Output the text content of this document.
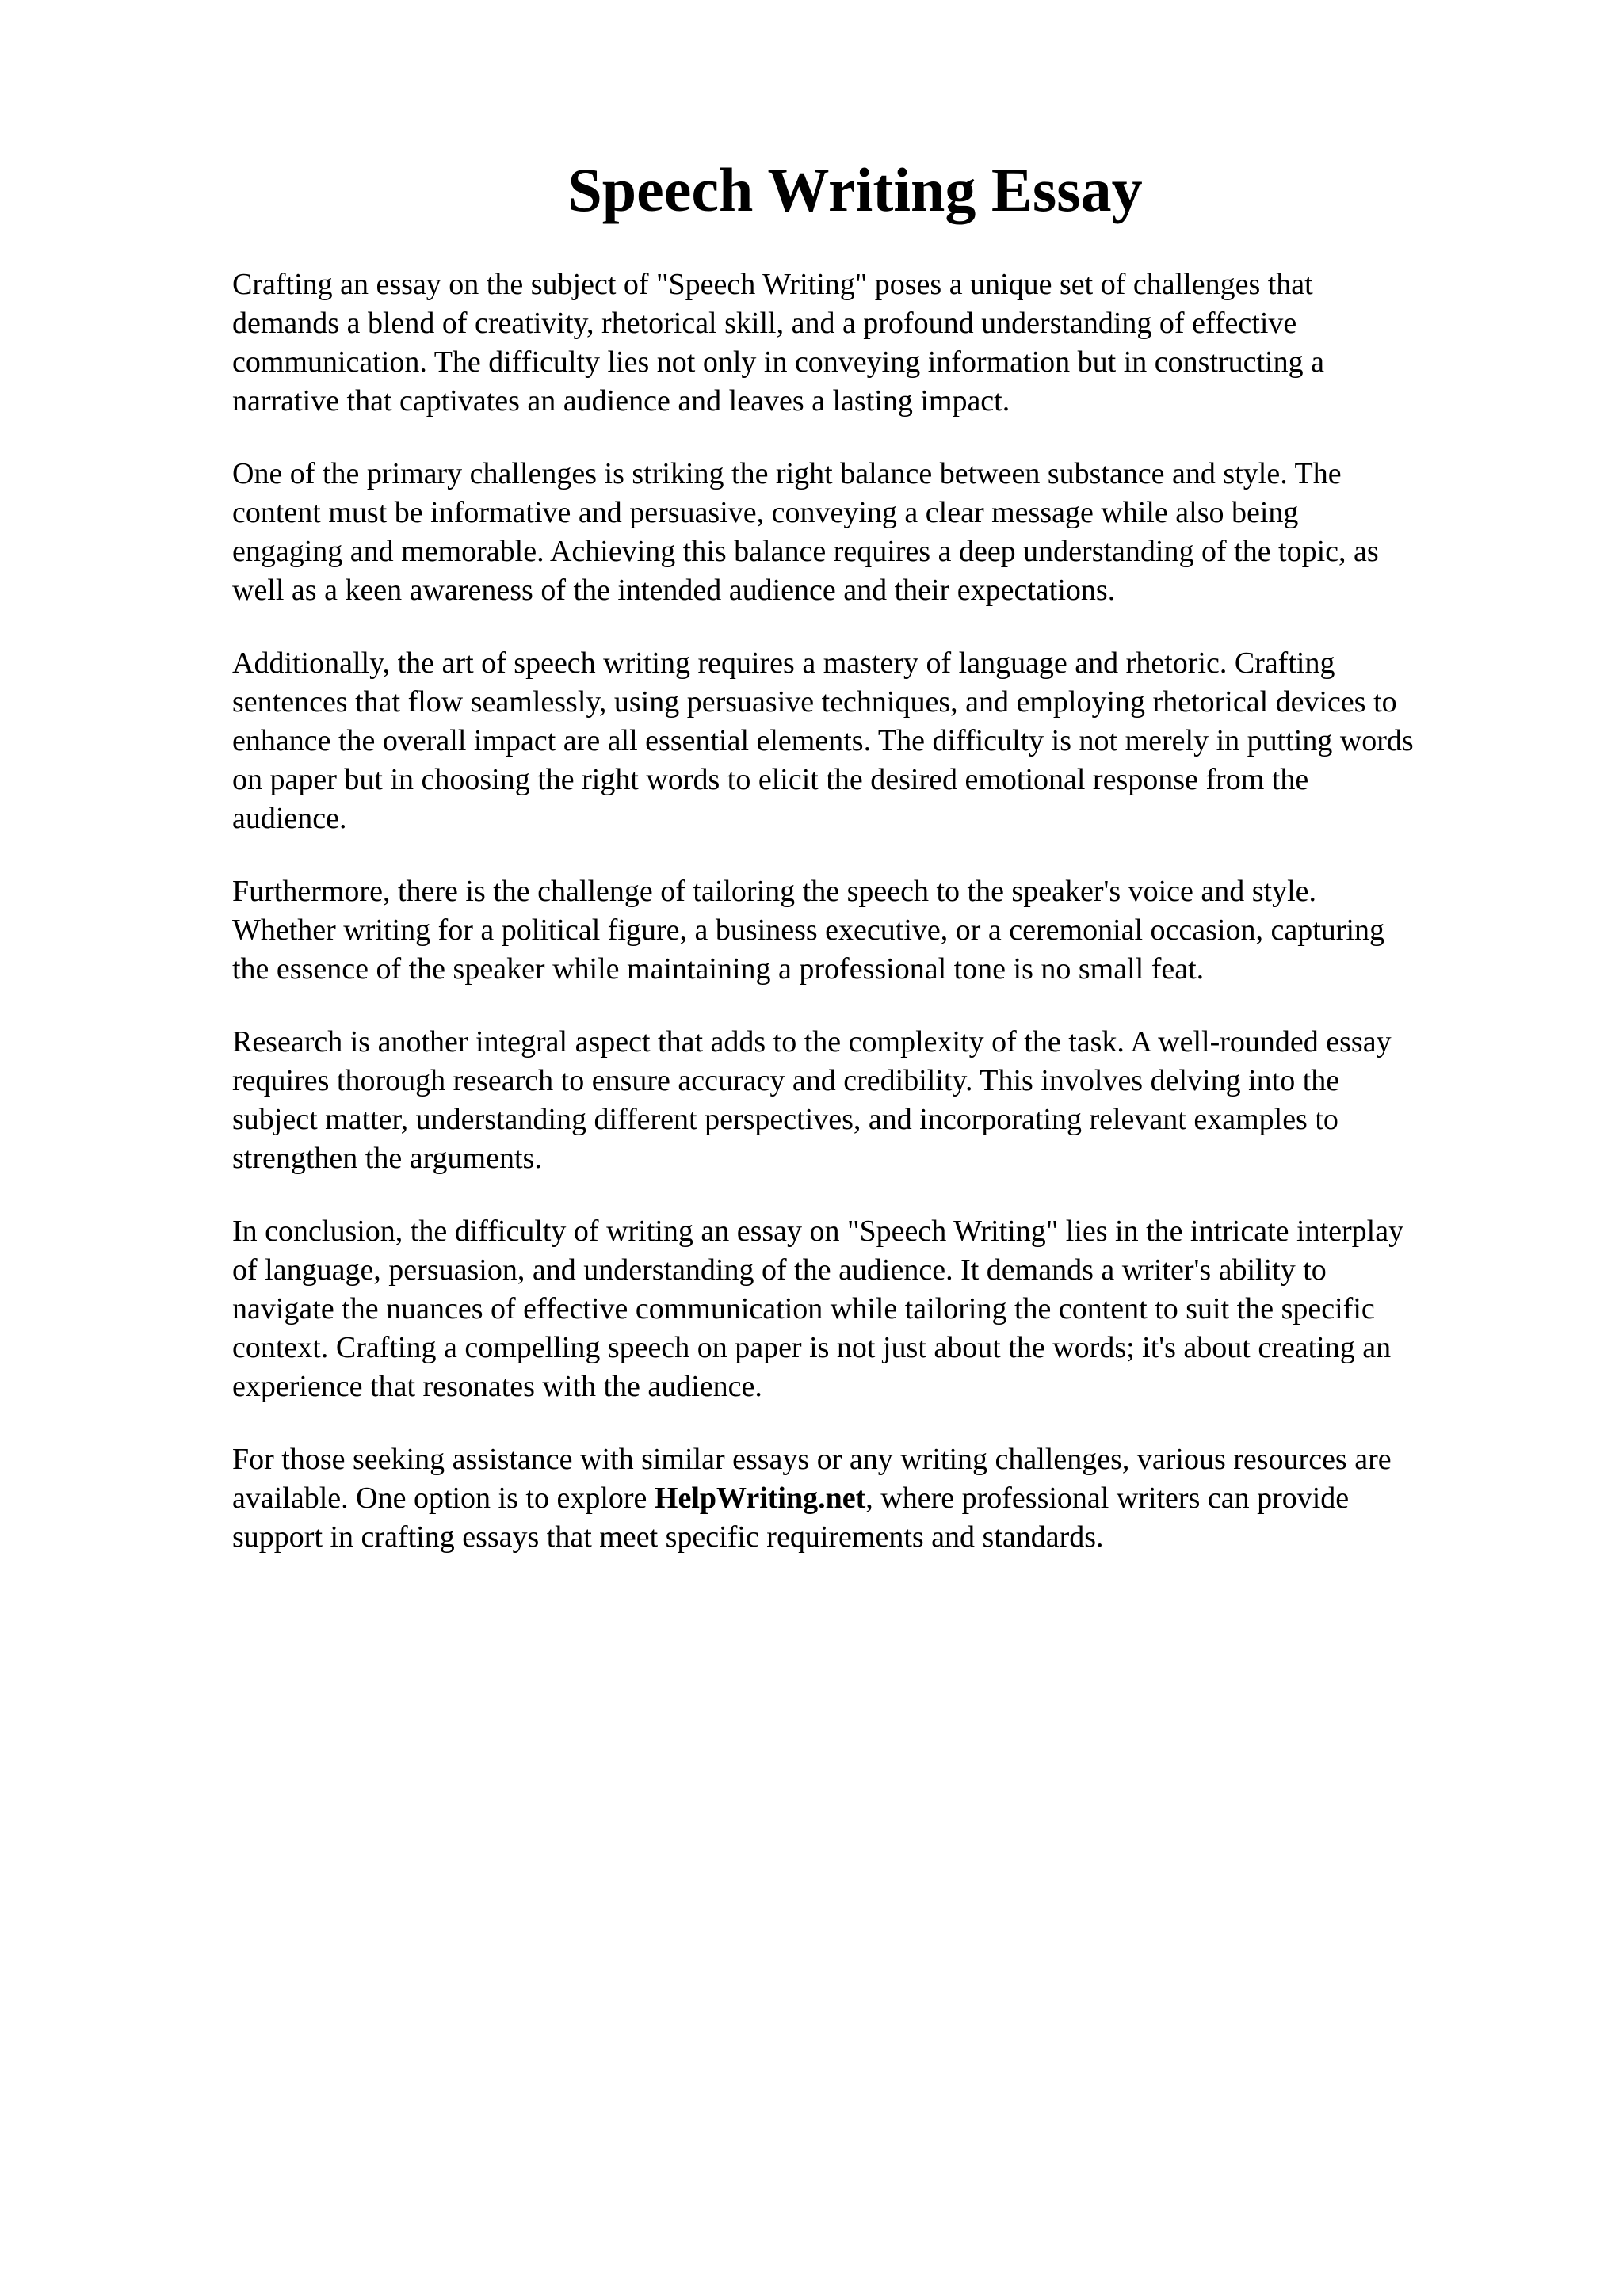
Speech Writing Essay

Crafting an essay on the subject of "Speech Writing" poses a unique set of challenges that
demands a blend of creativity, rhetorical skill, and a profound understanding of effective
communication. The difficulty lies not only in conveying information but in constructing a
narrative that captivates an audience and leaves a lasting impact.

One of the primary challenges is striking the right balance between substance and style. The
content must be informative and persuasive, conveying a clear message while also being
engaging and memorable. Achieving this balance requires a deep understanding of the topic, as
well as a keen awareness of the intended audience and their expectations.

Additionally, the art of speech writing requires a mastery of language and rhetoric. Crafting
sentences that flow seamlessly, using persuasive techniques, and employing rhetorical devices to
enhance the overall impact are all essential elements. The difficulty is not merely in putting words
on paper but in choosing the right words to elicit the desired emotional response from the
audience.

Furthermore, there is the challenge of tailoring the speech to the speaker's voice and style.
Whether writing for a political figure, a business executive, or a ceremonial occasion, capturing
the essence of the speaker while maintaining a professional tone is no small feat.

Research is another integral aspect that adds to the complexity of the task. A well-rounded essay
requires thorough research to ensure accuracy and credibility. This involves delving into the
subject matter, understanding different perspectives, and incorporating relevant examples to
strengthen the arguments.

In conclusion, the difficulty of writing an essay on "Speech Writing" lies in the intricate interplay
of language, persuasion, and understanding of the audience. It demands a writer's ability to
navigate the nuances of effective communication while tailoring the content to suit the specific
context. Crafting a compelling speech on paper is not just about the words; it's about creating an
experience that resonates with the audience.

For those seeking assistance with similar essays or any writing challenges, various resources are
available. One option is to explore HelpWriting.net, where professional writers can provide
support in crafting essays that meet specific requirements and standards.
